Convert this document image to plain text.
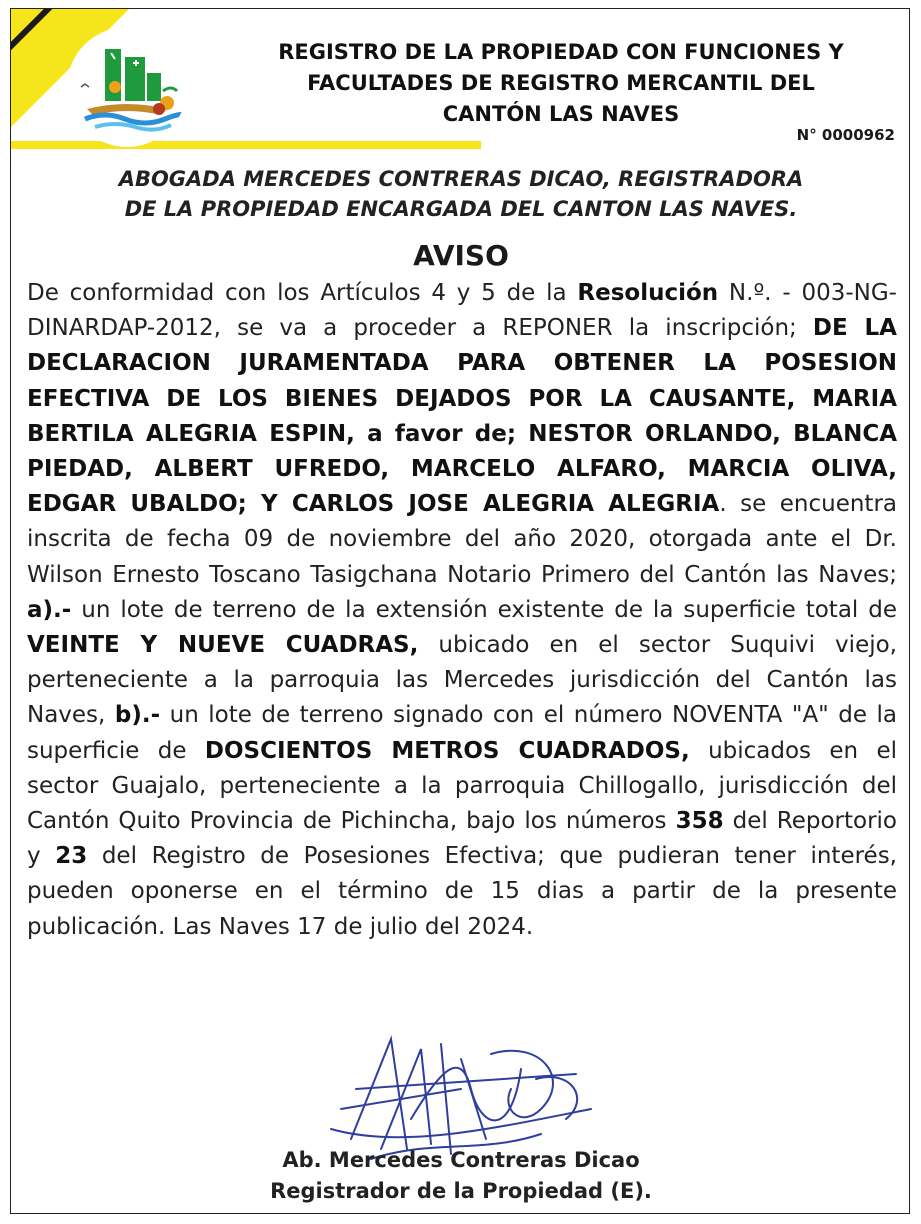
REGISTRO DE LA PROPIEDAD CON FUNCIONES Y
FACULTADES DE REGISTRO MERCANTIL DEL
CANTÓN LAS NAVES
N° 0000962
ABOGADA MERCEDES CONTRERAS DICAO, REGISTRADORA
DE LA PROPIEDAD ENCARGADA DEL CANTON LAS NAVES.
AVISO
De conformidad con los Artículos 4 y 5 de la Resolución N.º. - 003-NG- DINARDAP-2012, se va a proceder a REPONER la inscripción; DE LA DECLARACION JURAMENTADA PARA OBTENER LA POSESION EFECTIVA DE LOS BIENES DEJADOS POR LA CAUSANTE, MARIA BERTILA ALEGRIA ESPIN, a favor de; NESTOR ORLANDO, BLANCA PIEDAD, ALBERT UFREDO, MARCELO ALFARO, MARCIA OLIVA, EDGAR UBALDO; Y CARLOS JOSE ALEGRIA ALEGRIA. se encuentra inscrita de fecha 09 de noviembre del año 2020, otorgada ante el Dr. Wilson Ernesto Toscano Tasigchana Notario Primero del Cantón las Naves; a).- un lote de terreno de la extensión existente de la superficie total de VEINTE Y NUEVE CUADRAS, ubicado en el sector Suquivi viejo, perteneciente a la parroquia las Mercedes jurisdicción del Cantón las Naves, b).- un lote de terreno signado con el número NOVENTA "A" de la superficie de DOSCIENTOS METROS CUADRADOS, ubicados en el sector Guajalo, perteneciente a la parroquia Chillogallo, jurisdicción del Cantón Quito Provincia de Pichincha, bajo los números 358 del Reportorio y 23 del Registro de Posesiones Efectiva; que pudieran tener interés, pueden oponerse en el término de 15 dias a partir de la presente publicación. Las Naves 17 de julio del 2024.
Ab. Mercedes Contreras Dicao
Registrador de la Propiedad (E).
